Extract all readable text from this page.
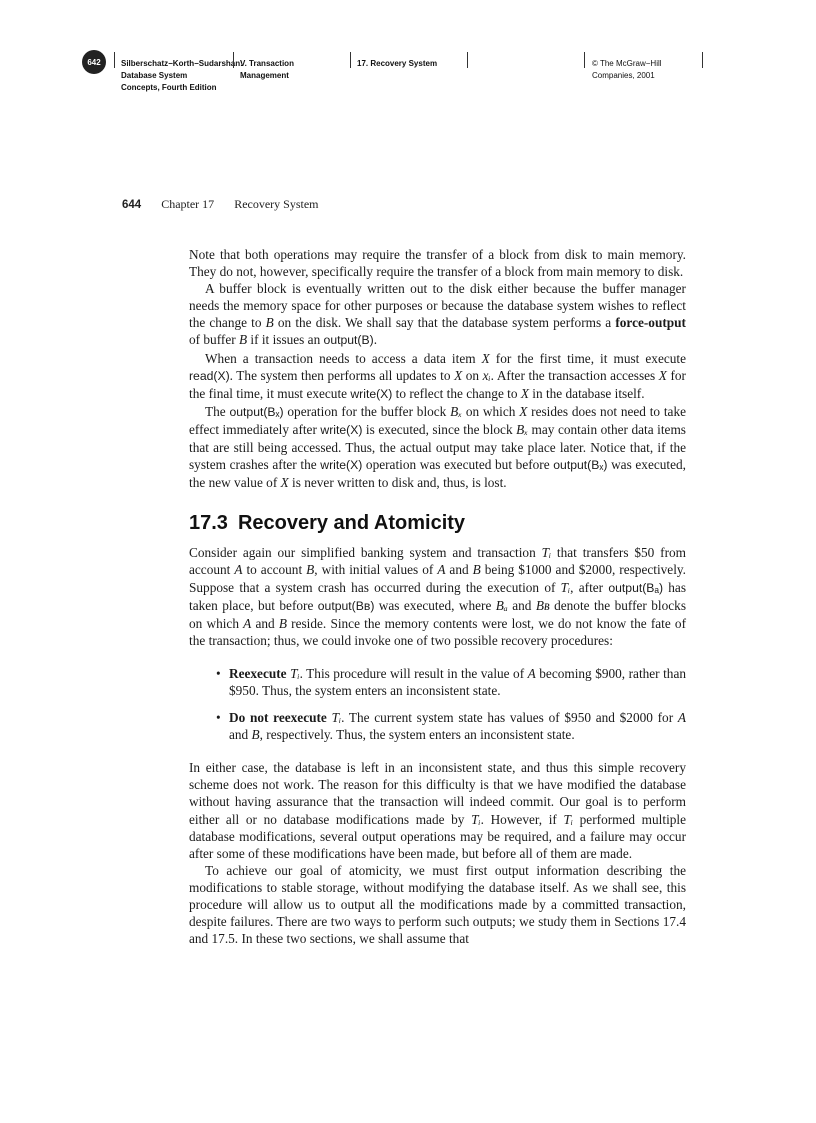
642	Silberschatz−Korth−Sudarshan:
Database System
Concepts, Fourth Edition
V. Transaction
Management
17. Recovery System	© The McGraw−Hill
Companies, 2001
644 Chapter 17 Recovery System

Note that both operations may require the transfer of a block from disk to main memory. They do not, however, specifically require the transfer of a block from main memory to disk.

A buffer block is eventually written out to the disk either because the buffer manager needs the memory space for other purposes or because the database system wishes to reflect the change to B on the disk. We shall say that the database system performs a force-output of buffer B if it issues an output(B).

When a transaction needs to access a data item X for the first time, it must execute read(X). The system then performs all updates to X on xᵢ. After the transaction accesses X for the final time, it must execute write(X) to reflect the change to X in the database itself.

The output(Bₓ) operation for the buffer block Bₓ on which X resides does not need to take effect immediately after write(X) is executed, since the block Bₓ may contain other data items that are still being accessed. Thus, the actual output may take place later. Notice that, if the system crashes after the write(X) operation was executed but before output(Bₓ) was executed, the new value of X is never written to disk and, thus, is lost.

17.3 Recovery and Atomicity

Consider again our simplified banking system and transaction Tᵢ that transfers $50 from account A to account B, with initial values of A and B being $1000 and $2000, respectively. Suppose that a system crash has occurred during the execution of Tᵢ, after output(Bₐ) has taken place, but before output(Bʙ) was executed, where Bₐ and Bʙ denote the buffer blocks on which A and B reside. Since the memory contents were lost, we do not know the fate of the transaction; thus, we could invoke one of two possible recovery procedures:

• Reexecute Tᵢ. This procedure will result in the value of A becoming $900, rather than $950. Thus, the system enters an inconsistent state.
• Do not reexecute Tᵢ. The current system state has values of $950 and $2000 for A and B, respectively. Thus, the system enters an inconsistent state.

In either case, the database is left in an inconsistent state, and thus this simple recovery scheme does not work. The reason for this difficulty is that we have modified the database without having assurance that the transaction will indeed commit. Our goal is to perform either all or no database modifications made by Tᵢ. However, if Tᵢ performed multiple database modifications, several output operations may be required, and a failure may occur after some of these modifications have been made, but before all of them are made.

To achieve our goal of atomicity, we must first output information describing the modifications to stable storage, without modifying the database itself. As we shall see, this procedure will allow us to output all the modifications made by a committed transaction, despite failures. There are two ways to perform such outputs; we study them in Sections 17.4 and 17.5. In these two sections, we shall assume that
